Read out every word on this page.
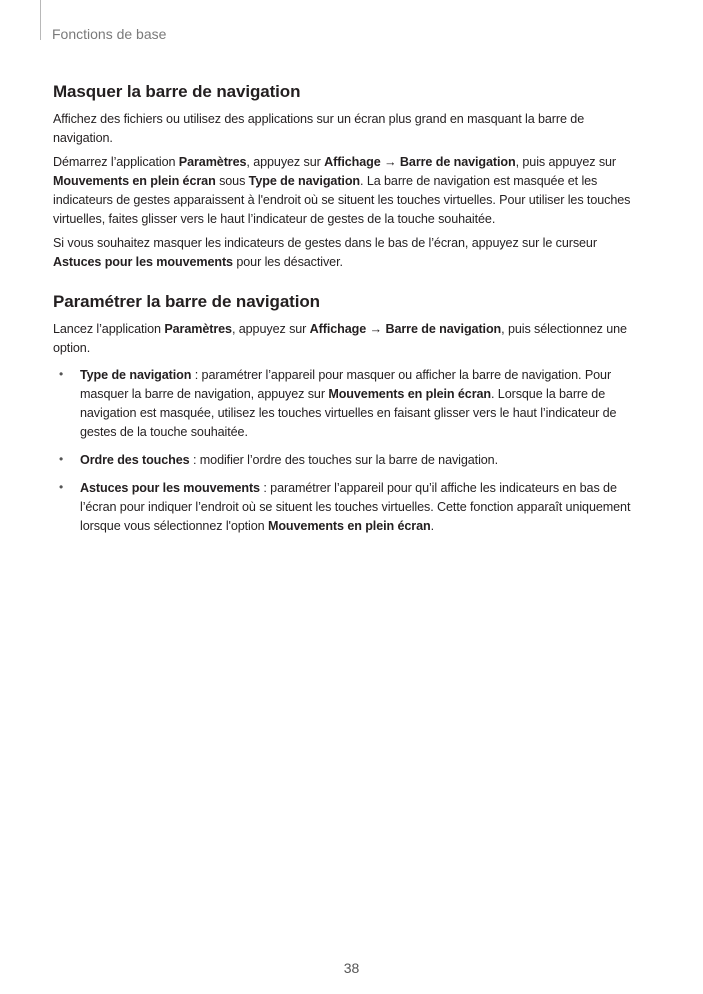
Fonctions de base
Masquer la barre de navigation

Affichez des fichiers ou utilisez des applications sur un écran plus grand en masquant la barre de navigation.

Démarrez l’application Paramètres, appuyez sur Affichage → Barre de navigation, puis appuyez sur Mouvements en plein écran sous Type de navigation. La barre de navigation est masquée et les indicateurs de gestes apparaissent à l'endroit où se situent les touches virtuelles. Pour utiliser les touches virtuelles, faites glisser vers le haut l’indicateur de gestes de la touche souhaitée.

Si vous souhaitez masquer les indicateurs de gestes dans le bas de l’écran, appuyez sur le curseur Astuces pour les mouvements pour les désactiver.

Paramétrer la barre de navigation

Lancez l’application Paramètres, appuyez sur Affichage → Barre de navigation, puis sélectionnez une option.

• Type de navigation : paramétrer l’appareil pour masquer ou afficher la barre de navigation. Pour masquer la barre de navigation, appuyez sur Mouvements en plein écran. Lorsque la barre de navigation est masquée, utilisez les touches virtuelles en faisant glisser vers le haut l’indicateur de gestes de la touche souhaitée.
• Ordre des touches : modifier l’ordre des touches sur la barre de navigation.
• Astuces pour les mouvements : paramétrer l’appareil pour qu’il affiche les indicateurs en bas de l’écran pour indiquer l’endroit où se situent les touches virtuelles. Cette fonction apparaît uniquement lorsque vous sélectionnez l'option Mouvements en plein écran.
38
